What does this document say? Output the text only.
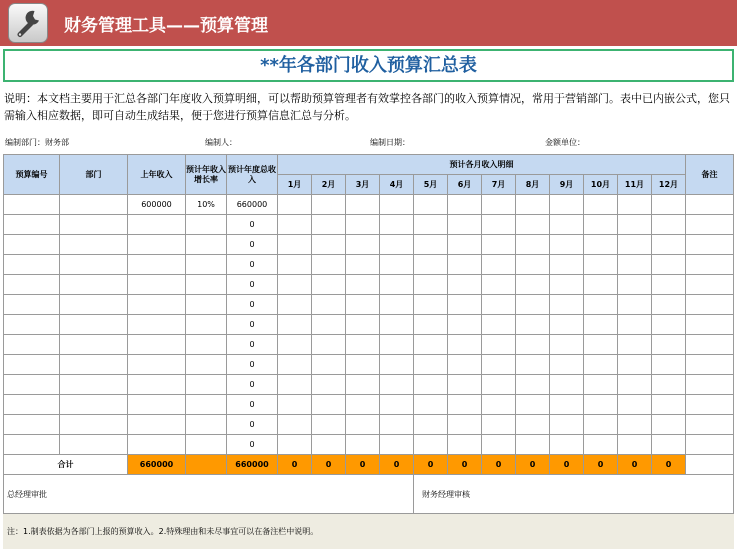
财务管理工具——预算管理
**年各部门收入预算汇总表
说明：本文档主要用于汇总各部门年度收入预算明细，可以帮助预算管理者有效掌控各部门的收入预算情况，常用于营销部门。表中已内嵌公式，您只需输入相应数据，即可自动生成结果，便于您进行预算信息汇总与分析。
编制部门：财务部	编制人：	编制日期：	金额单位：
预算编号	部门	上年收入	预计年收入增长率	预计年度总收入	预计各月收入明细												备注
					1月	2月	3月	4月	5月	6月	7月	8月	9月	10月	11月	12月	
		600000	10%	660000													
				0													
				0													
				0													
				0													
				0													
				0													
				0													
				0													
				0													
				0													
				0													
				0													
合计		660000		660000	0	0	0	0	0	0	0	0	0	0	0	0	
总经理审批									财务经理审核								
注：1.制表依据为各部门上报的预算收入。2.特殊理由和未尽事宜可以在备注栏中说明。
